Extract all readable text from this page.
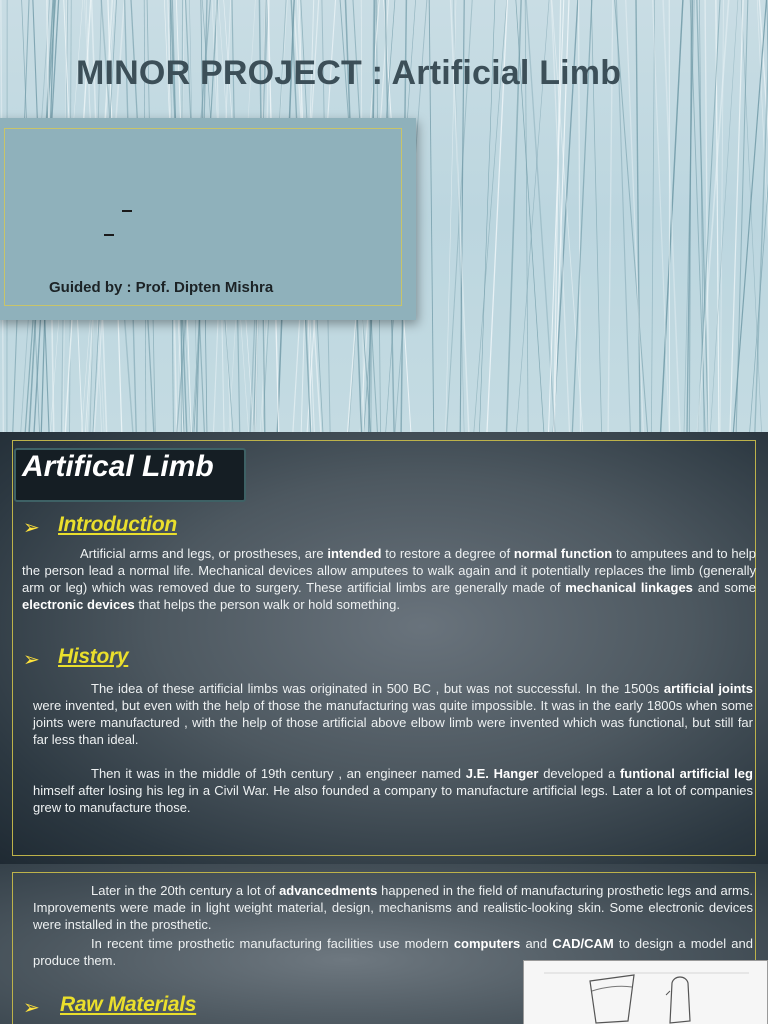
MINOR PROJECT : Artificial Limb
Guided by : Prof. Dipten Mishra
Artifical Limb
➢ Introduction

Artificial arms and legs, or prostheses, are intended to restore a degree of normal function to amputees and to help the person lead a normal life. Mechanical devices allow amputees to walk again and it potentially replaces the limb (generally arm or leg) which was removed due to surgery. These artificial limbs are generally made of mechanical linkages and some electronic devices that helps the person walk or hold something.

➢ History

The idea of these artificial limbs was originated in 500 BC , but was not successful. In the 1500s artificial joints were invented, but even with the help of those the manufacturing was quite impossible. It was in the early 1800s when some joints were manufactured , with the help of those artificial above elbow limb were invented which was functional, but still far far less than ideal.

Then it was in the middle of 19th century , an engineer named J.E. Hanger developed a funtional artificial leg himself after losing his leg in a Civil War. He also founded a company to manufacture artificial legs. Later a lot of companies grew to manufacture those.

Later in the 20th century a lot of advancedments happened in the field of manufacturing prosthetic legs and arms. Improvements were made in light weight material, design, mechanisms and realistic-looking skin. Some electronic devices were installed in the prosthetic.

In recent time prosthetic manufacturing facilities use modern computers and CAD/CAM to design a model and produce them.

➢ Raw Materials
